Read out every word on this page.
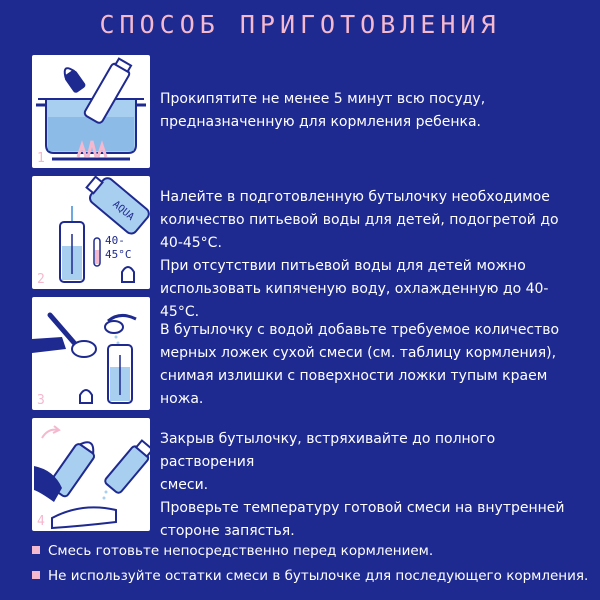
СПОСОБ ПРИГОТОВЛЕНИЯ
1
Прокипятите не менее 5 минут всю посуду,
предназначенную для кормления ребенка.
AQUA
40-
45°C
2
Налейте в подготовленную бутылочку необходимое
количество питьевой воды для детей, подогретой до 40-45°C.
При отсутствии питьевой воды для детей можно
использовать кипяченую воду, охлажденную до 40-45°C.
3
В бутылочку с водой добавьте требуемое количество
мерных ложек сухой смеси (см. таблицу кормления),
снимая излишки с поверхности ложки тупым краем ножа.
4
Закрыв бутылочку, встряхивайте до полного растворения
смеси.
Проверьте температуру готовой смеси на внутренней
стороне запястья.
Смесь готовьте непосредственно перед кормлением.
Не используйте остатки смеси в бутылочке для последующего кормления.
